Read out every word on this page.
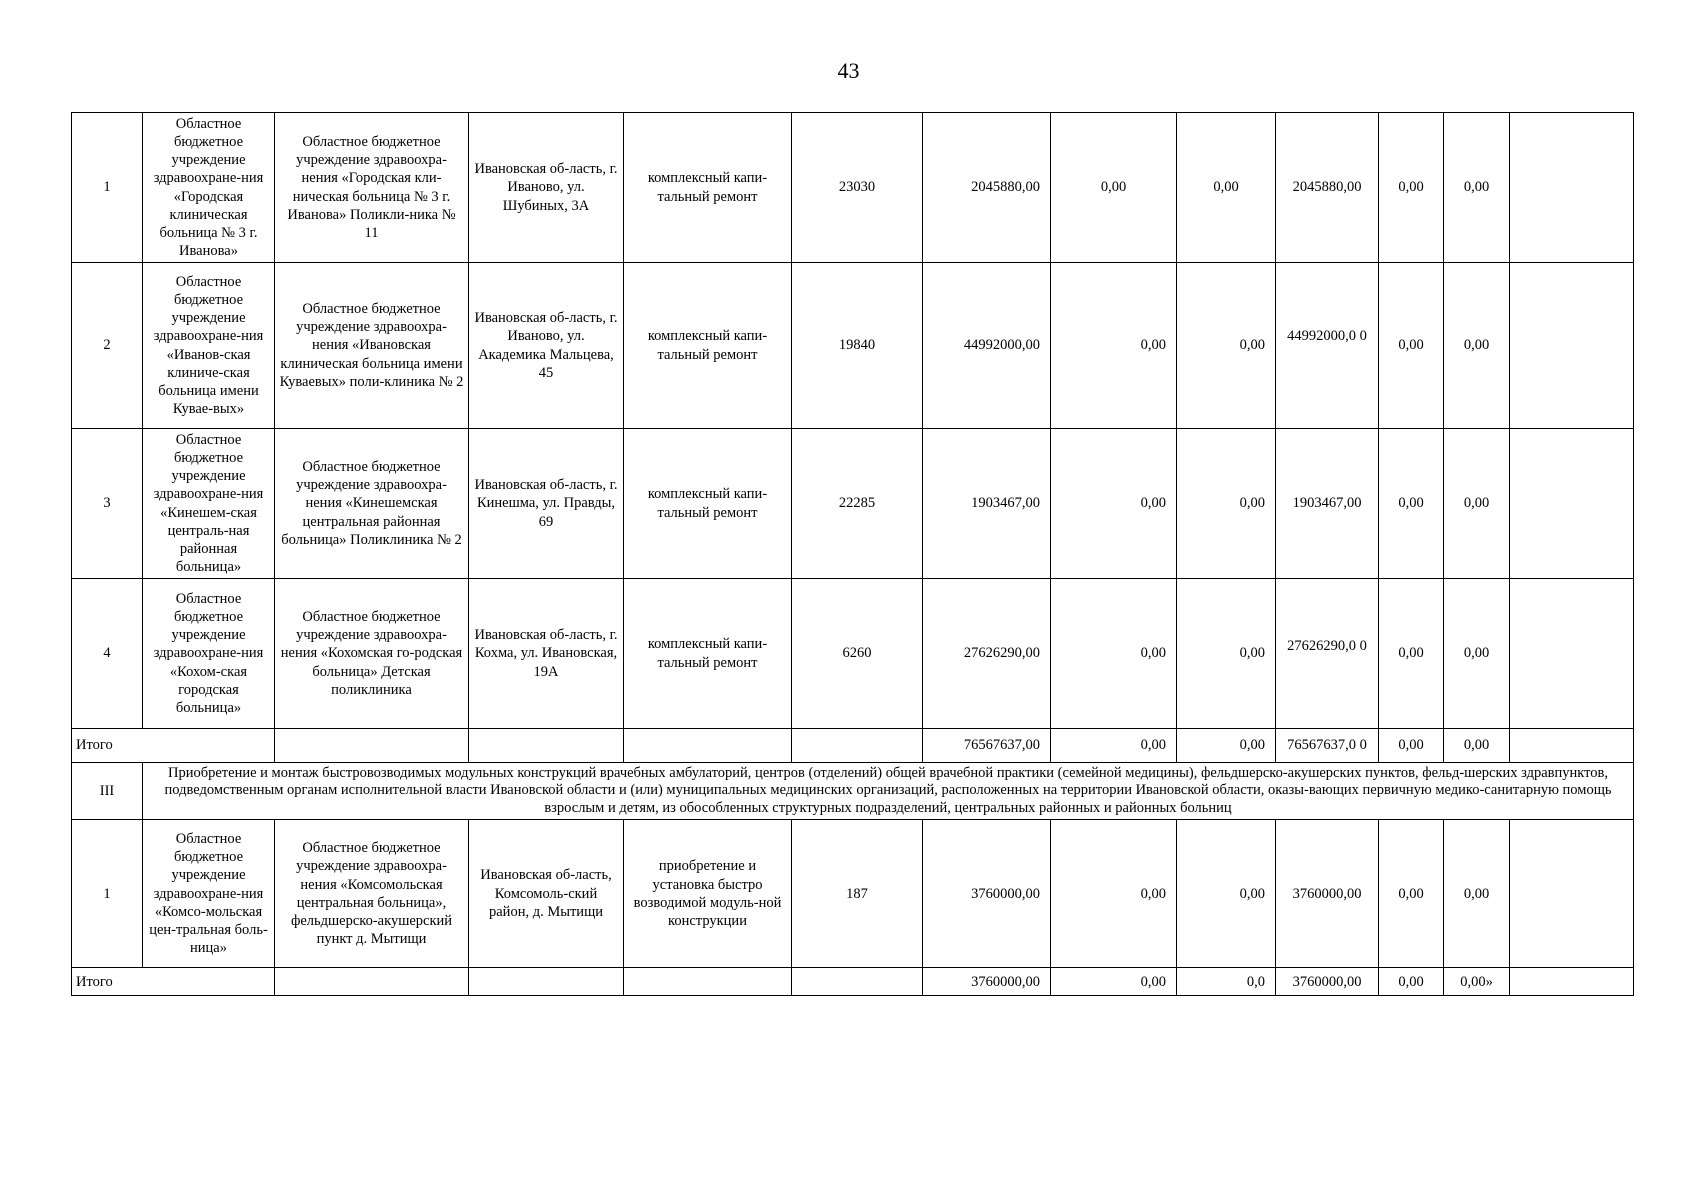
43
1	Областное бюджетное учреждение здравоохране-ния «Городская клиническая больница № 3 г. Иванова»	Областное бюджетное учреждение здравоохра-нения «Городская кли-ническая больница № 3 г. Иванова» Поликли-ника № 11	Ивановская об-ласть, г. Иваново, ул. Шубиных, 3А	комплексный капи-тальный ремонт	23030	2045880,00	0,00	0,00	2045880,00	0,00	0,00	
2	Областное бюджетное учреждение здравоохране-ния «Иванов-ская клиниче-ская больница имени Кувае-вых»	Областное бюджетное учреждение здравоохра-нения «Ивановская клиническая больница имени Куваевых» поли-клиника № 2	Ивановская об-ласть, г. Иваново, ул. Академика Мальцева, 45	комплексный капи-тальный ремонт	19840	44992000,00	0,00	0,00	44992000,0 0	0,00	0,00	
3	Областное бюджетное учреждение здравоохране-ния «Кинешем-ская централь-ная районная больница»	Областное бюджетное учреждение здравоохра-нения «Кинешемская центральная районная больница» Поликлиника № 2	Ивановская об-ласть, г. Кинешма, ул. Правды, 69	комплексный капи-тальный ремонт	22285	1903467,00	0,00	0,00	1903467,00	0,00	0,00	
4	Областное бюджетное учреждение здравоохране-ния «Кохом-ская городская больница»	Областное бюджетное учреждение здравоохра-нения «Кохомская го-родская больница» Детская поликлиника	Ивановская об-ласть, г. Кохма, ул. Ивановская, 19А	комплексный капи-тальный ремонт	6260	27626290,00	0,00	0,00	27626290,0 0	0,00	0,00	
Итого						76567637,00	0,00	0,00	76567637,0 0	0,00	0,00	
III	Приобретение и монтаж быстровозводимых модульных конструкций врачебных амбулаторий, центров (отделений) общей врачебной практики (семейной медицины), фельдшерско-акушерских пунктов, фельд-шерских здравпунктов, подведомственным органам исполнительной власти Ивановской области и (или) муниципальных медицинских организаций, расположенных на территории Ивановской области, оказы-вающих первичную медико-санитарную помощь взрослым и детям, из обособленных структурных подразделений, центральных районных и районных больниц											
1	Областное бюджетное учреждение здравоохране-ния «Комсо-мольская цен-тральная боль-ница»	Областное бюджетное учреждение здравоохра-нения «Комсомольская центральная больница», фельдшерско-акушерский пункт д. Мытищи	Ивановская об-ласть, Комсомоль-ский район, д. Мытищи	приобретение и установка быстро возводимой модуль-ной конструкции	187	3760000,00	0,00	0,00	3760000,00	0,00	0,00	
Итого						3760000,00	0,00	0,0	3760000,00	0,00	0,00»	
